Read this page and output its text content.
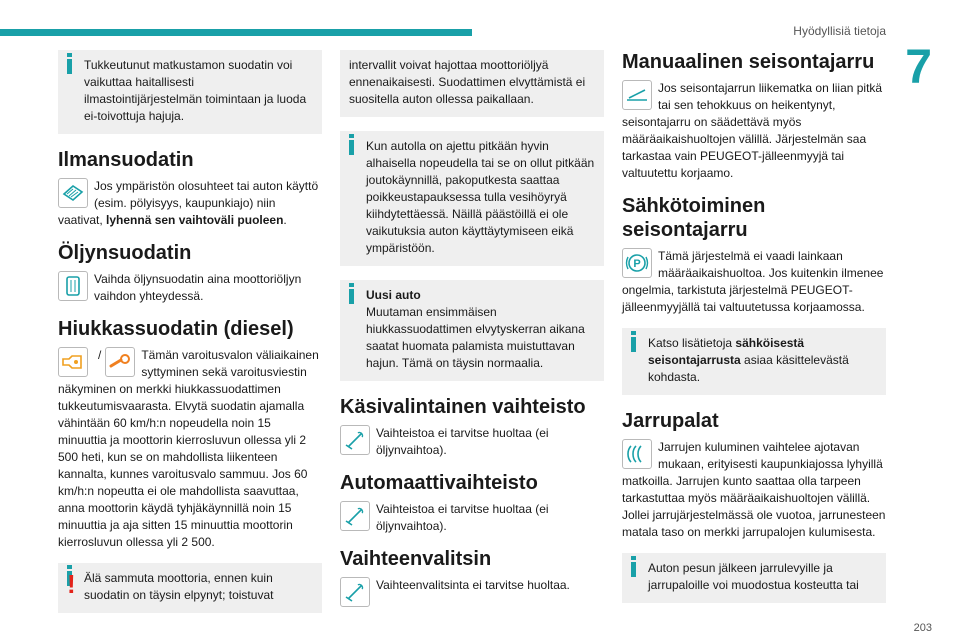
Hyödyllisiä tietoja
7
203
Tukkeutunut matkustamon suodatin voi vaikuttaa haitallisesti ilmastointijärjestelmän toimintaan ja luoda ei-toivottuja hajuja.
Ilmansuodatin
Jos ympäristön olosuhteet tai auton käyttö (esim. pölyisyys, kaupunkiajo) niin vaativat, lyhennä sen vaihtoväli puoleen.
Öljynsuodatin
Vaihda öljynsuodatin aina moottoriöljyn vaihdon yhteydessä.
Hiukkassuodatin (diesel)
/	Tämän varoitusvalon väliaikainen syttyminen sekä varoitusviestin näkyminen on merkki hiukkassuodattimen tukkeutumisvaarasta. Elvytä suodatin ajamalla vähintään 60 km/h:n nopeudella noin 15 minuuttia ja moottorin kierrosluvun ollessa yli 2 500 heti, kun se on mahdollista liikenteen kannalta, kunnes varoitusvalo sammuu. Jos 60 km/h:n nopeutta ei ole mahdollista saavuttaa, anna moottorin käydä tyhjäkäynnillä noin 15 minuuttia ja aja sitten 15 minuuttia moottorin kierrosluvun ollessa yli 2 500.
! Älä sammuta moottoria, ennen kuin suodatin on täysin elpynyt; toistuvat
intervallit voivat hajottaa moottoriöljyä ennenaikaisesti. Suodattimen elvyttämistä ei suositella auton ollessa paikallaan.
Kun autolla on ajettu pitkään hyvin alhaisella nopeudella tai se on ollut pitkään joutokäynnillä, pakoputkesta saattaa poikkeustapauksessa tulla vesihöyryä kiihdytettäessä. Näillä päästöillä ei ole vaikutuksia auton käyttäytymiseen eikä ympäristöön.
Uusi auto
Muutaman ensimmäisen hiukkassuodattimen elvytyskerran aikana saatat huomata palamista muistuttavan hajun. Tämä on täysin normaalia.
Käsivalintainen vaihteisto
Vaihteistoa ei tarvitse huoltaa (ei öljynvaihtoa).
Automaattivaihteisto
Vaihteistoa ei tarvitse huoltaa (ei öljynvaihtoa).
Vaihteenvalitsin
Vaihteenvalitsinta ei tarvitse huoltaa.
Manuaalinen seisontajarru
Jos seisontajarrun liikematka on liian pitkä tai sen tehokkuus on heikentynyt, seisontajarru on säädettävä myös määräaikaishuoltojen välillä. Järjestelmän saa tarkastaa vain PEUGEOT-jälleenmyyjä tai valtuutettu korjaamo.
Sähkötoiminen seisontajarru
P
Tämä järjestelmä ei vaadi lainkaan määräaikaishuoltoa. Jos kuitenkin ilmenee ongelmia, tarkistuta järjestelmä PEUGEOT-jälleenmyyjällä tai valtuutetussa korjaamossa.
Katso lisätietoja sähköisestä seisontajarrusta asiaa käsittelevästä kohdasta.
Jarrupalat
Jarrujen kuluminen vaihtelee ajotavan mukaan, erityisesti kaupunkiajossa lyhyillä matkoilla. Jarrujen kunto saattaa olla tarpeen tarkastuttaa myös määräaikaishuoltojen välillä. Jollei jarrujärjestelmässä ole vuotoa, jarrunesteen matala taso on merkki jarrupalojen kulumisesta.
Auton pesun jälkeen jarrulevyille ja jarrupaloille voi muodostua kosteutta tai
